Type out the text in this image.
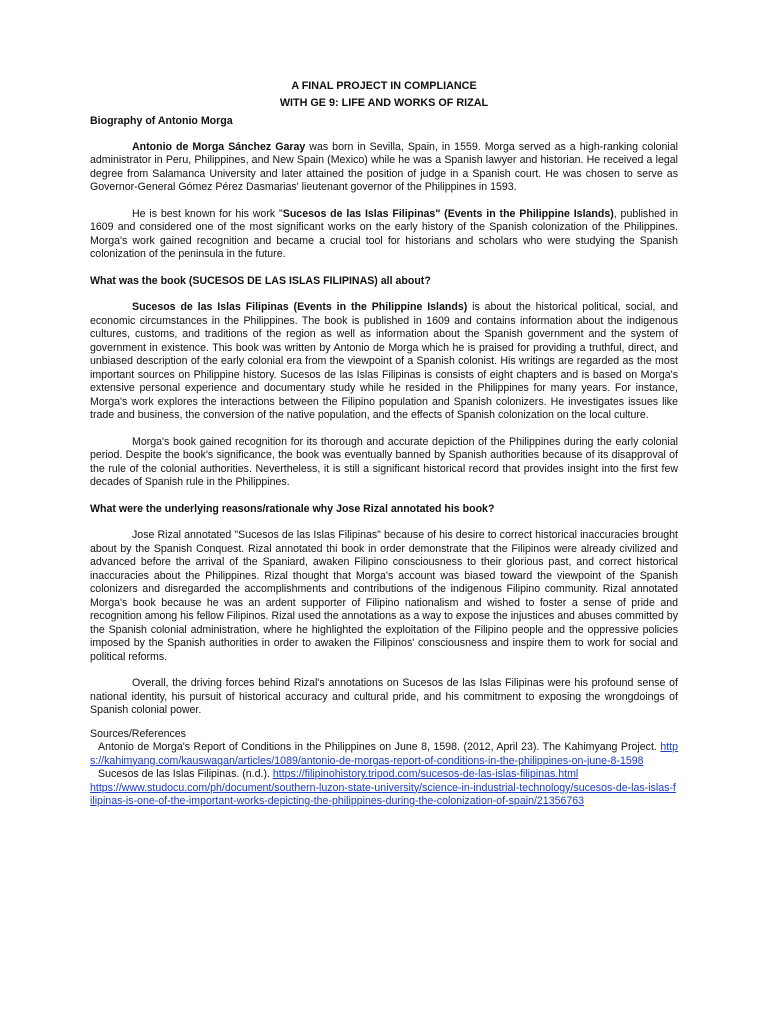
A FINAL PROJECT IN COMPLIANCE
WITH GE 9: LIFE AND WORKS OF RIZAL
Biography of Antonio Morga

Antonio de Morga Sánchez Garay was born in Sevilla, Spain, in 1559. Morga served as a high-ranking colonial administrator in Peru, Philippines, and New Spain (Mexico) while he was a Spanish lawyer and historian. He received a legal degree from Salamanca University and later attained the position of judge in a Spanish court. He was chosen to serve as Governor-General Gómez Pérez Dasmarias' lieutenant governor of the Philippines in 1593.

He is best known for his work "Sucesos de las Islas Filipinas" (Events in the Philippine Islands), published in 1609 and considered one of the most significant works on the early history of the Spanish colonization of the Philippines. Morga's work gained recognition and became a crucial tool for historians and scholars who were studying the Spanish colonization of the peninsula in the future.

What was the book (SUCESOS DE LAS ISLAS FILIPINAS) all about?

Sucesos de las Islas Filipinas (Events in the Philippine Islands) is about the historical political, social, and economic circumstances in the Philippines. The book is published in 1609 and contains information about the indigenous cultures, customs, and traditions of the region as well as information about the Spanish government and the system of government in existence. This book was written by Antonio de Morga which he is praised for providing a truthful, direct, and unbiased description of the early colonial era from the viewpoint of a Spanish colonist. His writings are regarded as the most important sources on Philippine history. Sucesos de las Islas Filipinas is consists of eight chapters and is based on Morga's extensive personal experience and documentary study while he resided in the Philippines for many years. For instance, Morga's work explores the interactions between the Filipino population and Spanish colonizers. He investigates issues like trade and business, the conversion of the native population, and the effects of Spanish colonization on the local culture.

Morga's book gained recognition for its thorough and accurate depiction of the Philippines during the early colonial period. Despite the book's significance, the book was eventually banned by Spanish authorities because of its disapproval of the rule of the colonial authorities. Nevertheless, it is still a significant historical record that provides insight into the first few decades of Spanish rule in the Philippines.

What were the underlying reasons/rationale why Jose Rizal annotated his book?

Jose Rizal annotated "Sucesos de las Islas Filipinas" because of his desire to correct historical inaccuracies brought about by the Spanish Conquest. Rizal annotated thi book in order demonstrate that the Filipinos were already civilized and advanced before the arrival of the Spaniard, awaken Filipino consciousness to their glorious past, and correct historical inaccuracies about the Philippines. Rizal thought that Morga's account was biased toward the viewpoint of the Spanish colonizers and disregarded the accomplishments and contributions of the indigenous Filipino community. Rizal annotated Morga's book because he was an ardent supporter of Filipino nationalism and wished to foster a sense of pride and recognition among his fellow Filipinos. Rizal used the annotations as a way to expose the injustices and abuses committed by the Spanish colonial administration, where he highlighted the exploitation of the Filipino people and the oppressive policies imposed by the Spanish authorities in order to awaken the Filipinos' consciousness and inspire them to work for social and political reforms.

Overall, the driving forces behind Rizal's annotations on Sucesos de las Islas Filipinas were his profound sense of national identity, his pursuit of historical accuracy and cultural pride, and his commitment to exposing the wrongdoings of Spanish colonial power.

Sources/References

Antonio de Morga's Report of Conditions in the Philippines on June 8, 1598. (2012, April 23). The Kahimyang Project. https://kahimyang.com/kauswagan/articles/1089/antonio-de-morgas-report-of-conditions-in-the-philippines-on-june-8-1598

Sucesos de las Islas Filipinas. (n.d.). https://filipinohistory.tripod.com/sucesos-de-las-islas-filipinas.html

https://www.studocu.com/ph/document/southern-luzon-state-university/science-in-industrial-technology/sucesos-de-las-islas-filipinas-is-one-of-the-important-works-depicting-the-philippines-during-the-colonization-of-spain/21356763
